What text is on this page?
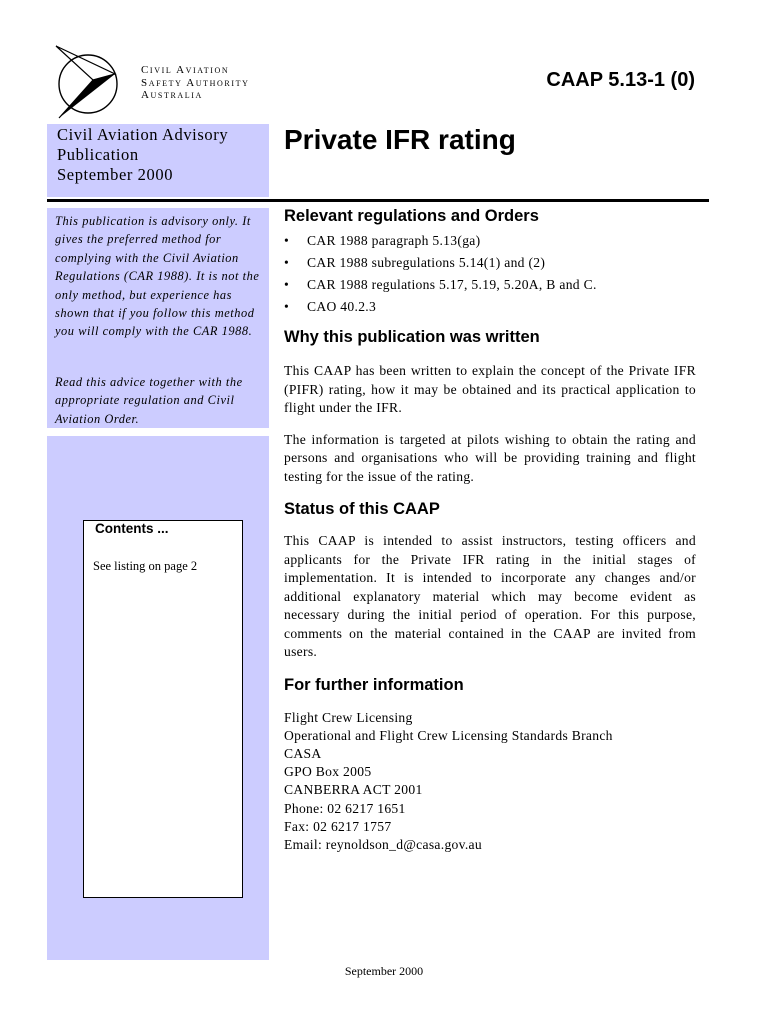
Civil Aviation
Safety Authority
Australia
CAAP 5.13-1 (0)
Civil Aviation Advisory
Publication
September 2000
This publication is advisory only. It gives the preferred method for complying with the Civil Aviation Regulations (CAR 1988). It is not the only method, but experience has shown that if you follow this method you will comply with the CAR 1988.
Read this advice together with the appropriate regulation and Civil Aviation Order.
Contents ...
See listing on page 2
Private IFR rating
Relevant regulations and Orders
• CAR 1988 paragraph 5.13(ga)
• CAR 1988 subregulations 5.14(1) and (2)
• CAR 1988 regulations 5.17, 5.19, 5.20A, B and C.
• CAO 40.2.3
Why this publication was written

This CAAP has been written to explain the concept of the Private IFR (PIFR) rating, how it may be obtained and its practical application to flight under the IFR.

The information is targeted at pilots wishing to obtain the rating and persons and organisations who will be providing training and flight testing for the issue of the rating.

Status of this CAAP

This CAAP is intended to assist instructors, testing officers and applicants for the Private IFR rating in the initial stages of implementation. It is intended to incorporate any changes and/or additional explanatory material which may become evident as necessary during the initial period of operation. For this purpose, comments on the material contained in the CAAP are invited from users.

For further information
Flight Crew Licensing
Operational and Flight Crew Licensing Standards Branch
CASA
GPO Box 2005
CANBERRA ACT 2001
Phone: 02 6217 1651
Fax: 02 6217 1757
Email: reynoldson_d@casa.gov.au
September 2000
